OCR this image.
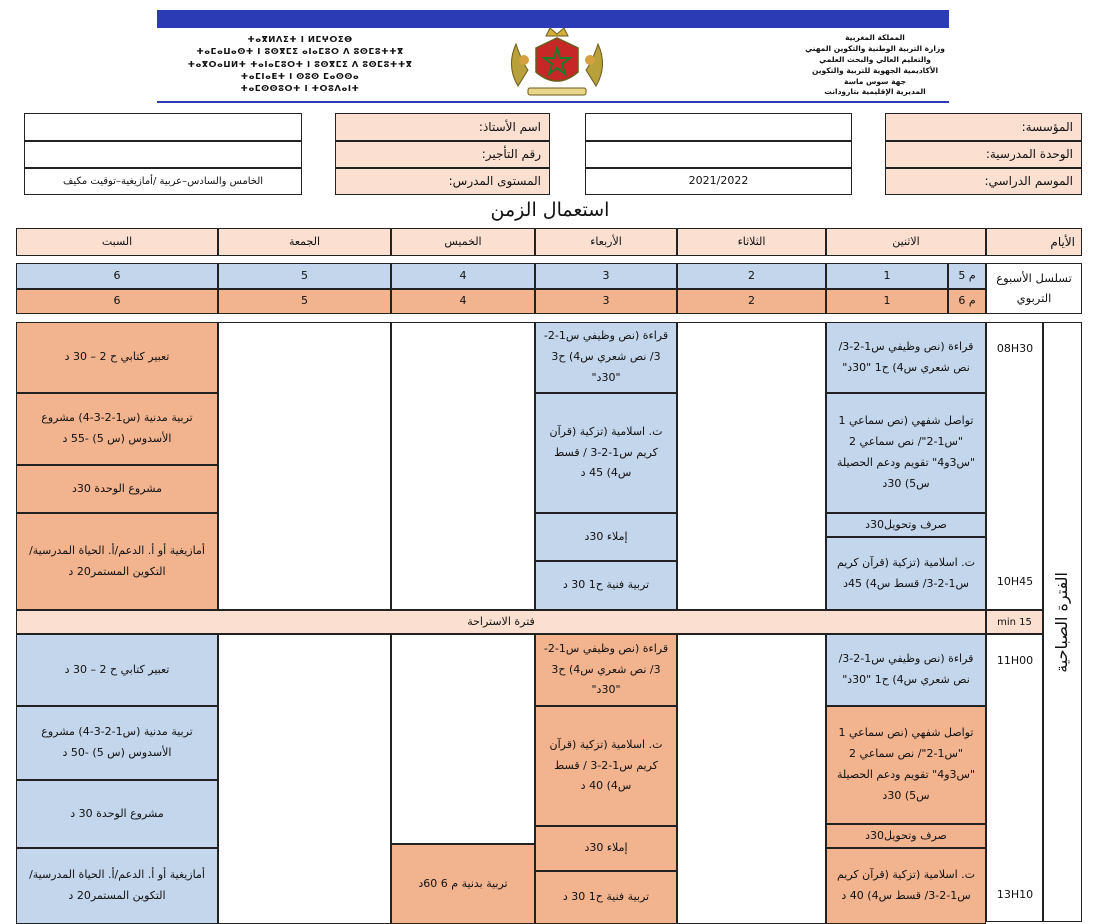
ⵜⴰⴳⵍⴷⵉⵜ ⵏ ⵍⵎⵖⵔⵉⴱ
ⵜⴰⵎⴰⵡⴰⵙⵜ ⵏ ⵓⵙⴳⵎⵉ ⴰⵏⴰⵎⵓⵔ ⴷ ⵓⵙⵎⵓⵜⵜⴳ
ⵜⴰⴳⵔⴰⵡⵍⵜ ⵜⴰⵏⴰⵎⵓⵔⵜ ⵏ ⵓⵙⴳⵎⵉ ⴷ ⵓⵙⵎⵓⵜⵜⴳ
ⵜⴰⵎⵏⴰⴹⵜ ⵏ ⵙⵓⵙ ⵎⴰⵙⵙⴰ
ⵜⴰⵎⵙⵙⵓⵔⵜ ⵏ ⵜⵔⵓⴷⴰⵏⵜ
المملكة المغربية
وزارة التربية الوطنية والتكوين المهني
والتعليم العالي والبحث العلمي
الأكاديمية الجهوية للتربية والتكوين
جهة سوس ماسة
المديرية الإقليمية بتارودانت
المؤسسة:
الوحدة المدرسية:
الموسم الدراسي:
2021/2022
اسم الأستاذ:
رقم التأجير:
المستوى المدرس:
الخامس والسادس–عربية /أمازيغية–توقيت مكيف
استعمال الزمن
الأيام
الاثنين
الثلاثاء
الأربعاء
الخميس
الجمعة
السبت
تسلسل الأسبوع التربوي
م 5
م 6
1
2
3
4
5
6
1
2
3
4
5
6
الفترة الصباحية
08H30
10H45
15 min
11H00
13H10
فترة الاستراحة
قراءة (نص وظيفي س1-2-3/ نص شعري س4) ح1 "30د"
تواصل شفهي (نص سماعي 1 "س1-2"/ نص سماعي 2 "س3و4" تقويم ودعم الحصيلة س5) 30د
صرف وتحويل30د
ت. اسلامية (تزكية (قرآن كريم س1-2-3/ قسط س4) 45د
قراءة (نص وظيفي س1-2-3/ نص شعري س4) ح3 "30د"
ت. اسلامية (تزكية (قرآن كريم س1-2-3 / قسط س4) 45 د
إملاء 30د
تربية فنية ح1 30 د
تعبير كتابي ح 2 – 30 د
تربية مدنية (س1-2-3-4) مشروع الأسدوس (س 5) -55 د
مشروع الوحدة 30د
أمازيغية أو أ. الدعم/أ. الحياة المدرسية/التكوين المستمر20 د
قراءة (نص وظيفي س1-2-3/ نص شعري س4) ح1 "30د"
تواصل شفهي (نص سماعي 1 "س1-2"/ نص سماعي 2 "س3و4" تقويم ودعم الحصيلة س5) 30د
صرف وتحويل30د
ت. اسلامية (تزكية (قرآن كريم س1-2-3/ قسط س4) 40 د
قراءة (نص وظيفي س1-2-3/ نص شعري س4) ح3 "30د"
ت. اسلامية (تزكية (قرآن كريم س1-2-3 / قسط س4) 40 د
إملاء 30د
تربية فنية ح1 30 د
تربية بدنية م 6 60د
تعبير كتابي ح 2 – 30 د
تربية مدنية (س1-2-3-4) مشروع الأسدوس (س 5) -50 د
مشروع الوحدة 30 د
أمازيغية أو أ. الدعم/أ. الحياة المدرسية/التكوين المستمر20 د
